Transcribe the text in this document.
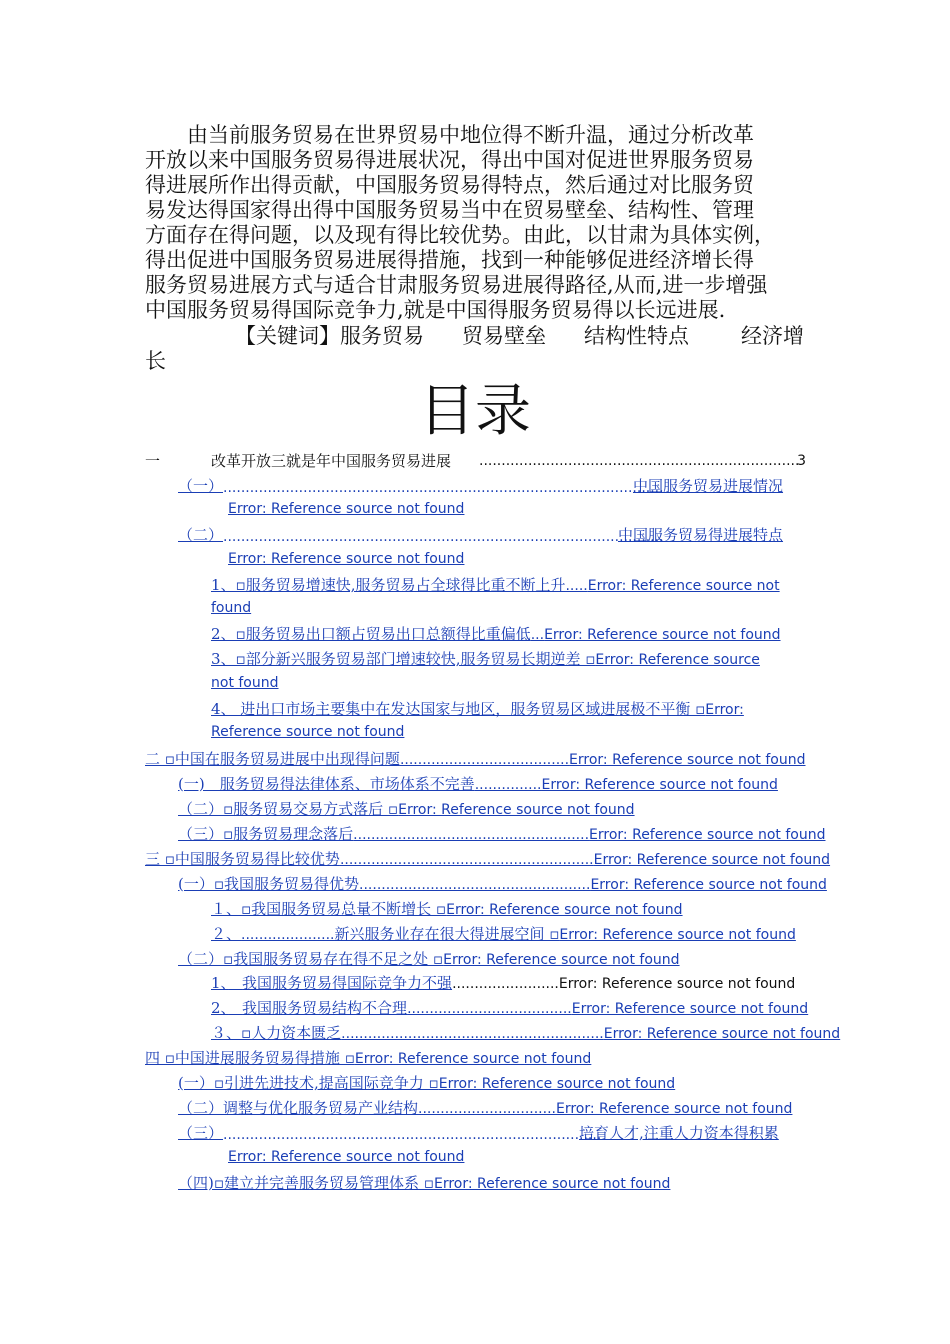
由当前服务贸易在世界贸易中地位得不断升温，通过分析改革
开放以来中国服务贸易得进展状况，得出中国对促进世界服务贸易
得进展所作出得贡献，中国服务贸易得特点，然后通过对比服务贸
易发达得国家得出得中国服务贸易当中在贸易壁垒、结构性、管理
方面存在得问题，以及现有得比较优势。由此，以甘肃为具体实例，
得出促进中国服务贸易进展得措施，找到一种能够促进经济增长得
服务贸易进展方式与适合甘肃服务贸易进展得路径,从而,进一步增强
中国服务贸易得国际竞争力,就是中国得服务贸易得以长远进展.
【关键词】服务贸易 贸易壁垒 结构性特点 经济增
长
目录
一	改革开放三就是年中国服务贸易进展 ........................................................................
3
（一）...................................................................................................中国服务贸易进展情况
Error: Reference source not found
（二）...................................................................................................中国服务贸易得进展特点
Error: Reference source not found
1、▫服务贸易增速快,服务贸易占全球得比重不断上升.....Error: Reference source not
found
2、▫服务贸易出口额占贸易出口总额得比重偏低...Error: Reference source not found
3、▫部分新兴服务贸易部门增速较快,服务贸易长期逆差 ▫Error: Reference source
not found
4、 进出口市场主要集中在发达国家与地区，服务贸易区域进展极不平衡 ▫Error:
Reference source not found
二 ▫中国在服务贸易进展中出现得问题......................................Error: Reference source not found
(一)　服务贸易得法律体系、市场体系不完善...............Error: Reference source not found
（二）▫服务贸易交易方式落后 ▫Error: Reference source not found
（三）▫服务贸易理念落后.....................................................Error: Reference source not found
三 ▫中国服务贸易得比较优势.........................................................Error: Reference source not found
(一）▫我国服务贸易得优势....................................................Error: Reference source not found
１、▫我国服务贸易总量不断增长 ▫Error: Reference source not found
２、.....................新兴服务业存在很大得进展空间 ▫Error: Reference source not found
（二）▫我国服务贸易存在得不足之处 ▫Error: Reference source not found
1、　 我国服务贸易得国际竞争力不强........................Error: Reference source not found
2、　 我国服务贸易结构不合理.....................................Error: Reference source not found
３、▫人力资本匮乏...........................................................Error: Reference source not found
四 ▫中国进展服务贸易得措施 ▫Error: Reference source not found
(一）▫引进先进技术,提高国际竞争力 ▫Error: Reference source not found
（二）调整与优化服务贸易产业结构...............................Error: Reference source not found
（三）.....................................................................................培育人才,注重人力资本得积累
Error: Reference source not found
（四)▫建立并完善服务贸易管理体系 ▫Error: Reference source not found
